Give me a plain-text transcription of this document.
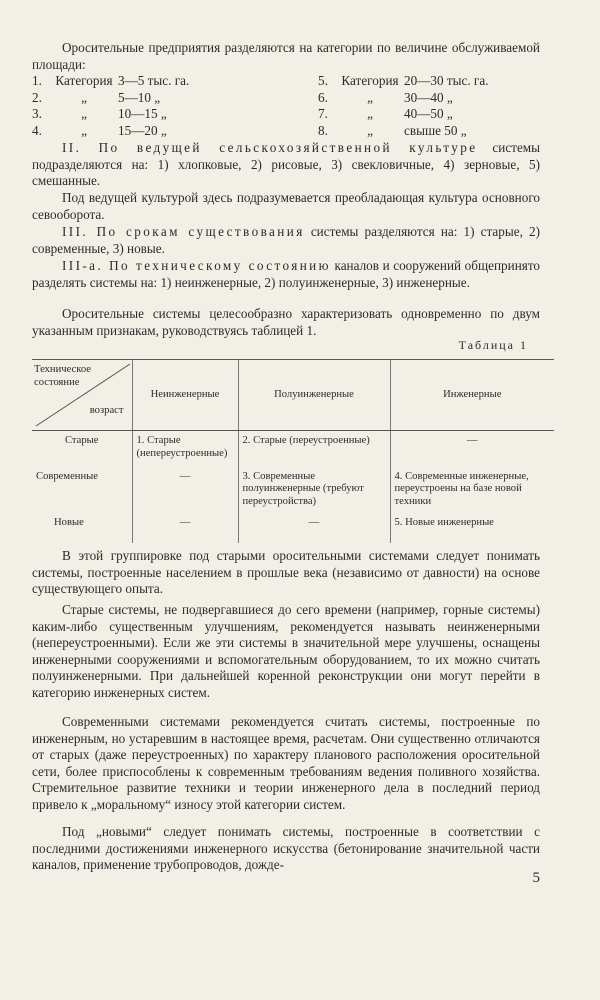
Оросительные предприятия разделяются на категории по величине обслуживаемой площади:

1. Категория 3—5 тыс. га.
2.	„ 5—10 „
3.	„ 10—15 „
4.	„ 15—20 „
5. Категория 20—30 тыс. га.
6.	„ 30—40 „
7.	„ 40—50 „
8.	„ свыше 50 „

II. По ведущей сельскохозяйственной культуре системы подразделяются на: 1) хлопковые, 2) рисовые, 3) свекловичные, 4) зерновые, 5) смешанные.

Под ведущей культурой здесь подразумевается преобладающая культура основного севооборота.

III. По срокам существования системы разделяются на: 1) старые, 2) современные, 3) новые.

III-а. По техническому состоянию каналов и сооружений общепринято разделять системы на: 1) неинженерные, 2) полуинженерные, 3) инженерные.

Оросительные системы целесообразно характеризовать одновременно по двум указанным признакам, руководствуясь таблицей 1.

Таблица 1
Техническое состояние
возраст	Неинженерные	Полуинженерные	Инженерные
Старые	1. Старые (непереустроенные)	2. Старые (переустроенные)	—
Современные	—	3. Современные полуинженерные (требуют переустройства)	4. Современные инженерные, переустроены на базе новой техники
Новые	—	—	5. Новые инженерные

В этой группировке под старыми оросительными системами следует понимать системы, построенные населением в прошлые века (независимо от давности) на основе существующего опыта.

Старые системы, не подвергавшиеся до сего времени (например, горные системы) каким-либо существенным улучшениям, рекомендуется называть неинженерными (непереустроенными). Если же эти системы в значительной мере улучшены, оснащены инженерными сооружениями и вспомогательным оборудованием, то их можно считать полуинженерными. При дальнейшей коренной реконструкции они могут перейти в категорию инженерных систем.

Современными системами рекомендуется считать системы, построенные по инженерным, но устаревшим в настоящее время, расчетам. Они существенно отличаются от старых (даже переустроенных) по характеру планового расположения оросительной сети, более приспособлены к современным требованиям ведения поливного хозяйства. Стремительное развитие техники и теории инженерного дела в последний период привело к „моральному“ износу этой категории систем.

Под „новыми“ следует понимать системы, построенные в соответствии с последними достижениями инженерного искусства (бетонирование значительной части каналов, применение трубопроводов, дожде-

5
